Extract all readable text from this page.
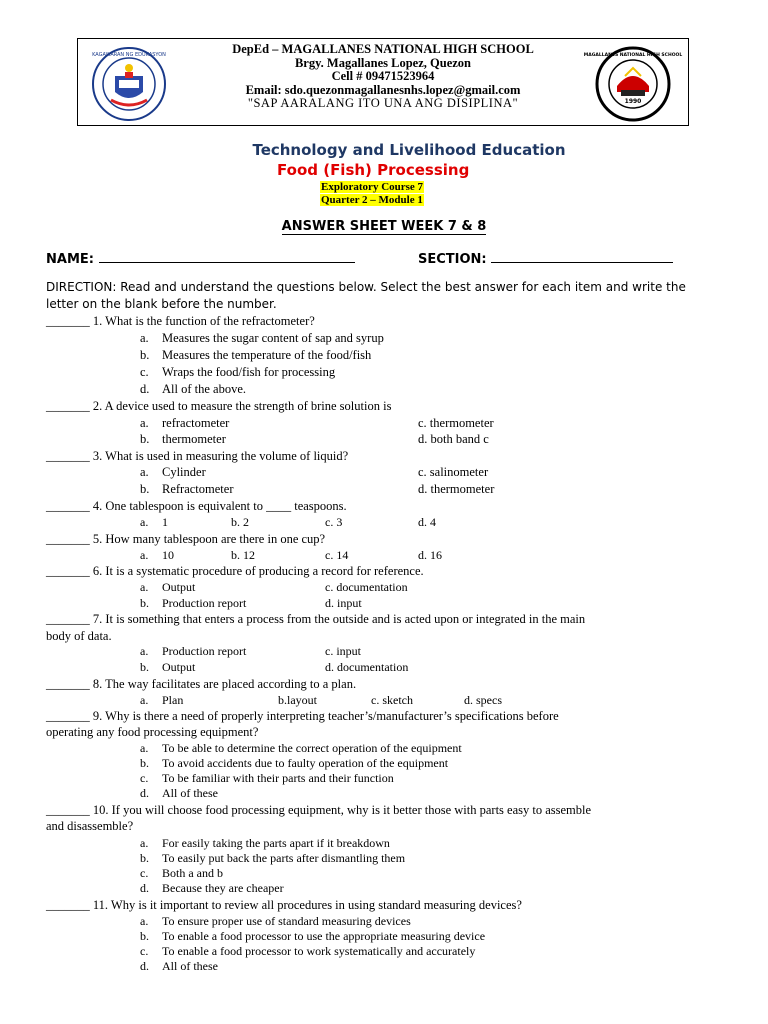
KAGAWARAN NG EDUKASYON	DepEd – MAGALLANES NATIONAL HIGH SCHOOL
Brgy. Magallanes Lopez, Quezon
Cell # 09471523964
Email: sdo.quezonmagallanesnhs.lopez@gmail.com
"SAP AARALANG ITO UNA ANG DISIPLINA"	1990
MAGALLANES NATIONAL HIGH SCHOOL
Technology and Livelihood Education
Food (Fish) Processing
Exploratory Course 7
Quarter 2 – Module 1
ANSWER SHEET WEEK 7 & 8
NAME:	SECTION:
DIRECTION: Read and understand the questions below. Select the best answer for each item and write the
letter on the blank before the number.
_______ 1. What is the function of the refractometer?
a. Measures the sugar content of sap and syrup
b. Measures the temperature of the food/fish
c. Wraps the food/fish for processing
d. All of the above.
_______ 2. A device used to measure the strength of brine solution is
a. refractometer	c. thermometer
b. thermometer	d. both band c
_______ 3. What is used in measuring the volume of liquid?
a. Cylinder	c. salinometer
b. Refractometer	d. thermometer
_______ 4. One tablespoon is equivalent to ____ teaspoons.
a. 1	b. 2	c. 3	d. 4
_______ 5. How many tablespoon are there in one cup?
a. 10	b. 12	c. 14	d. 16
_______ 6. It is a systematic procedure of producing a record for reference.
a. Output	c. documentation
b. Production report	d. input
_______ 7. It is something that enters a process from the outside and is acted upon or integrated in the main
body of data.
a. Production report	c. input
b. Output	d. documentation
_______ 8. The way facilitates are placed according to a plan.
a. Plan	b.layout	c. sketch	d. specs
_______ 9. Why is there a need of properly interpreting teacher’s/manufacturer’s specifications before
operating any food processing equipment?
a. To be able to determine the correct operation of the equipment
b. To avoid accidents due to faulty operation of the equipment
c. To be familiar with their parts and their function
d. All of these
_______ 10. If you will choose food processing equipment, why is it better those with parts easy to assemble
and disassemble?
a. For easily taking the parts apart if it breakdown
b. To easily put back the parts after dismantling them
c. Both a and b
d. Because they are cheaper
_______ 11. Why is it important to review all procedures in using standard measuring devices?
a. To ensure proper use of standard measuring devices
b. To enable a food processor to use the appropriate measuring device
c. To enable a food processor to work systematically and accurately
d. All of these
